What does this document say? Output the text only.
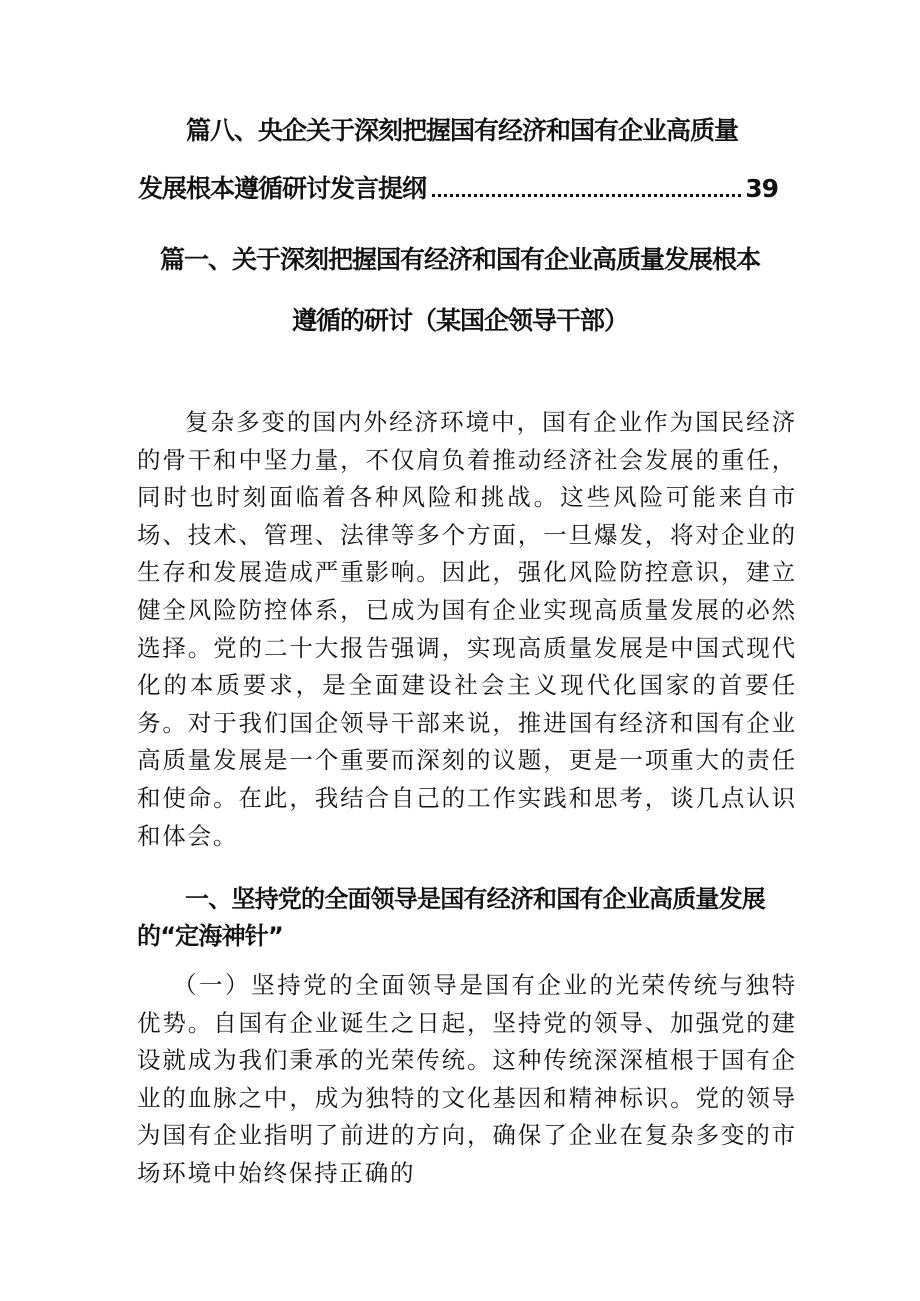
篇八、央企关于深刻把握国有经济和国有企业高质量
发展根本遵循研讨发言提纲	39
篇一、关于深刻把握国有经济和国有企业高质量发展根本
遵循的研讨（某国企领导干部）
复杂多变的国内外经济环境中，国有企业作为国民经济的骨干和中坚力量，不仅肩负着推动经济社会发展的重任，同时也时刻面临着各种风险和挑战。这些风险可能来自市场、技术、管理、法律等多个方面，一旦爆发，将对企业的生存和发展造成严重影响。因此，强化风险防控意识，建立健全风险防控体系，已成为国有企业实现高质量发展的必然选择。党的二十大报告强调，实现高质量发展是中国式现代化的本质要求，是全面建设社会主义现代化国家的首要任务。对于我们国企领导干部来说，推进国有经济和国有企业高质量发展是一个重要而深刻的议题，更是一项重大的责任和使命。在此，我结合自己的工作实践和思考，谈几点认识和体会。
一、坚持党的全面领导是国有经济和国有企业高质量发展的“定海神针”
（一）坚持党的全面领导是国有企业的光荣传统与独特优势。自国有企业诞生之日起，坚持党的领导、加强党的建设就成为我们秉承的光荣传统。这种传统深深植根于国有企业的血脉之中，成为独特的文化基因和精神标识。党的领导为国有企业指明了前进的方向，确保了企业在复杂多变的市场环境中始终保持正确的
